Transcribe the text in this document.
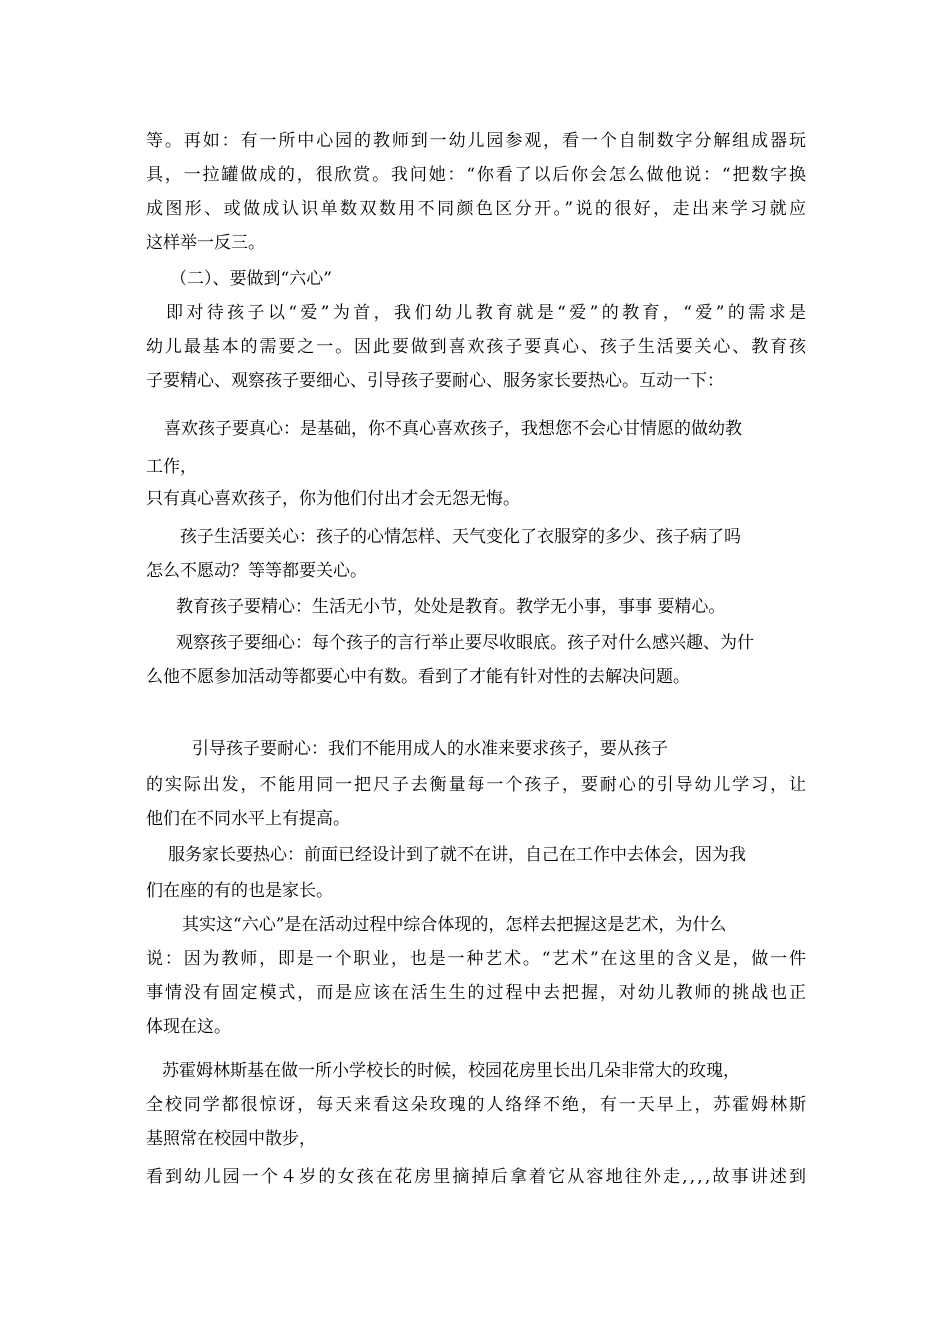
等。再如：有一所中心园的教师到一幼儿园参观，看一个自制数字分解组成器玩
具，一拉罐做成的，很欣赏。我问她：“你看了以后你会怎么做他说：“把数字换
成图形、或做成认识单数双数用不同颜色区分开。”说的很好，走出来学习就应
这样举一反三。
（二）、要做到“六心”
即对待孩子以“爱”为首，我们幼儿教育就是“爱”的教育，“爱”的需求是
幼儿最基本的需要之一。因此要做到喜欢孩子要真心、孩子生活要关心、教育孩
子要精心、观察孩子要细心、引导孩子要耐心、服务家长要热心。互动一下：
喜欢孩子要真心：是基础，你不真心喜欢孩子，我想您不会心甘情愿的做幼教
工作，
只有真心喜欢孩子，你为他们付出才会无怨无悔。
孩子生活要关心：孩子的心情怎样、天气变化了衣服穿的多少、孩子病了吗
怎么不愿动？等等都要关心。
教育孩子要精心：生活无小节，处处是教育。教学无小事，事事 要精心。
观察孩子要细心：每个孩子的言行举止要尽收眼底。孩子对什么感兴趣、为什
么他不愿参加活动等都要心中有数。看到了才能有针对性的去解决问题。
引导孩子要耐心：我们不能用成人的水准来要求孩子，要从孩子
的实际出发，不能用同一把尺子去衡量每一个孩子，要耐心的引导幼儿学习，让
他们在不同水平上有提高。
服务家长要热心：前面已经设计到了就不在讲，自己在工作中去体会，因为我
们在座的有的也是家长。
其实这“六心”是在活动过程中综合体现的，怎样去把握这是艺术，为什么
说：因为教师，即是一个职业，也是一种艺术。“艺术”在这里的含义是，做一件
事情没有固定模式，而是应该在活生生的过程中去把握，对幼儿教师的挑战也正
体现在这。
苏霍姆林斯基在做一所小学校长的时候，校园花房里长出几朵非常大的玫瑰，
全校同学都很惊讶，每天来看这朵玫瑰的人络绎不绝，有一天早上，苏霍姆林斯
基照常在校园中散步，
看到幼儿园一个４岁的女孩在花房里摘掉后拿着它从容地往外走,,,,故事讲述到
